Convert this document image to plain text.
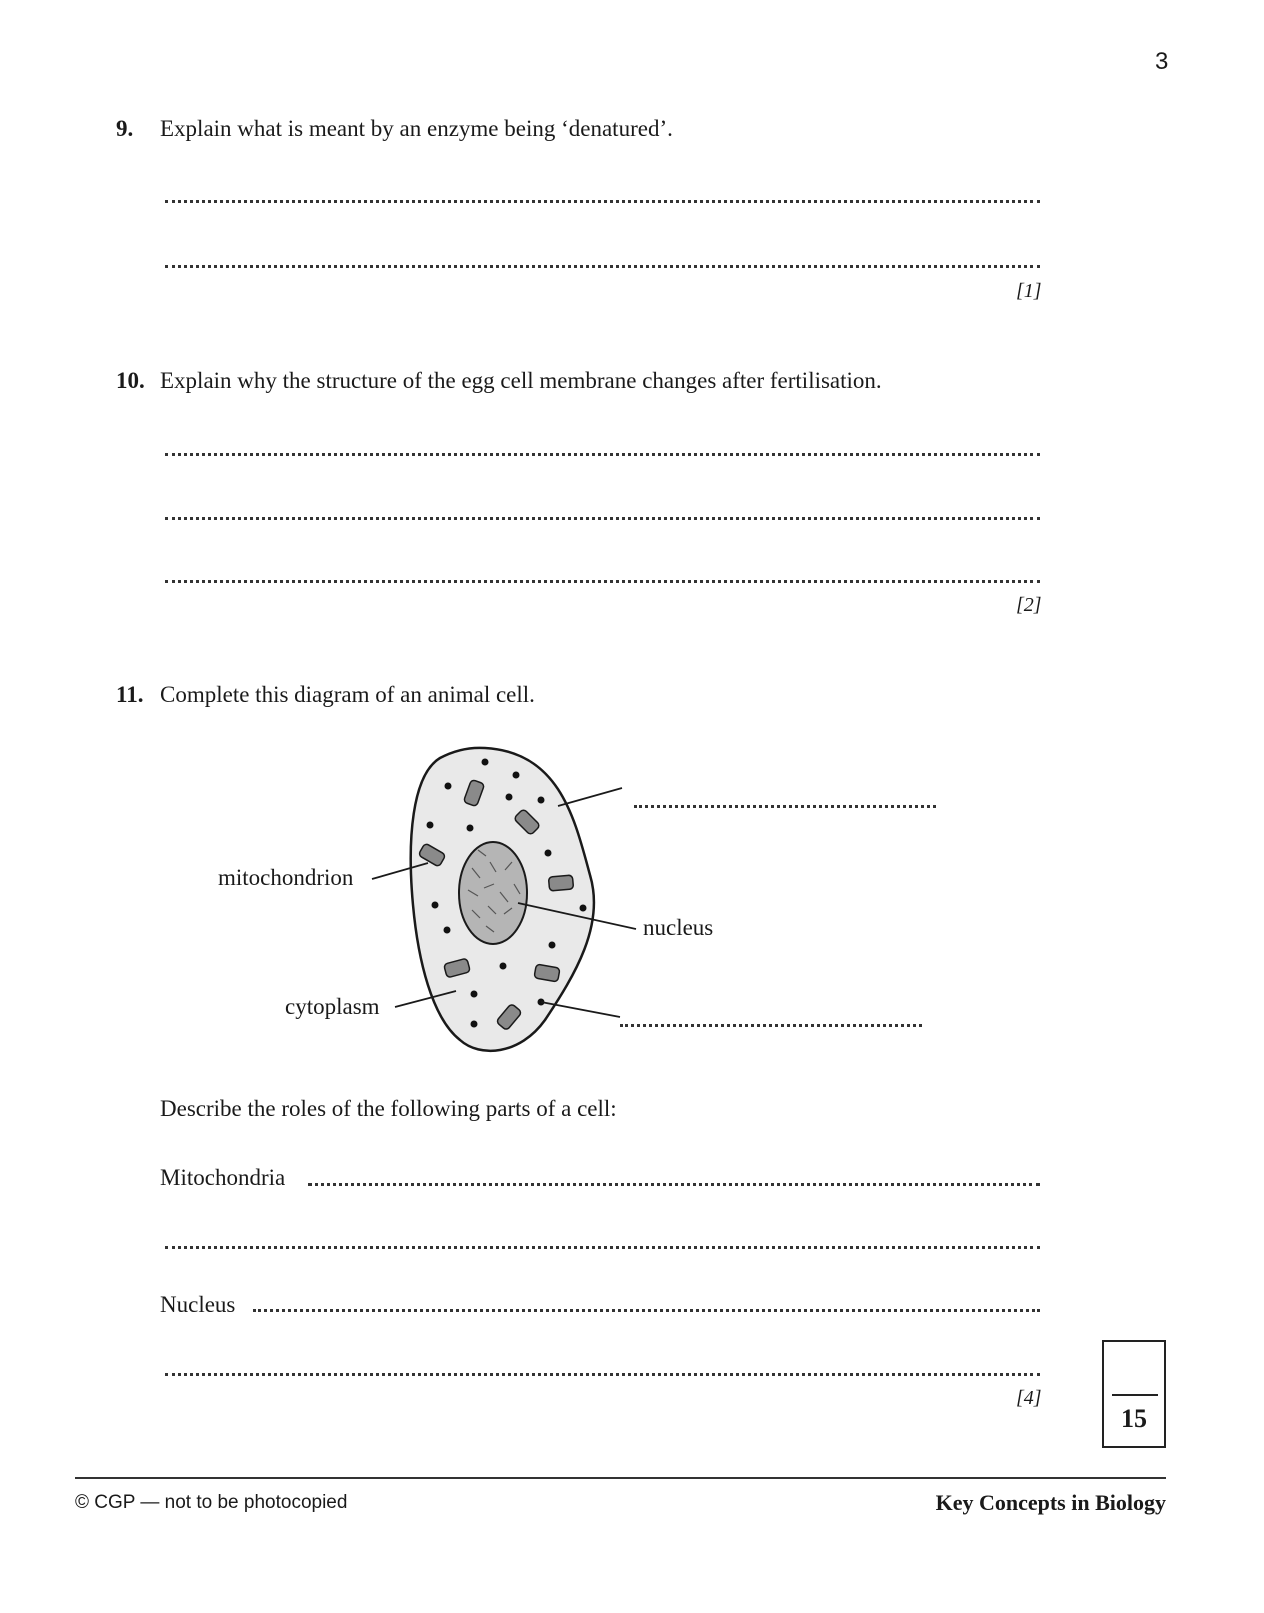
3
9. Explain what is meant by an enzyme being ‘denatured’.
[1]
10. Explain why the structure of the egg cell membrane changes after fertilisation.
[2]
11. Complete this diagram of an animal cell.
mitochondrion
cytoplasm
nucleus
Describe the roles of the following parts of a cell:
Mitochondria
Nucleus
[4]
15
© CGP — not to be photocopied	Key Concepts in Biology
